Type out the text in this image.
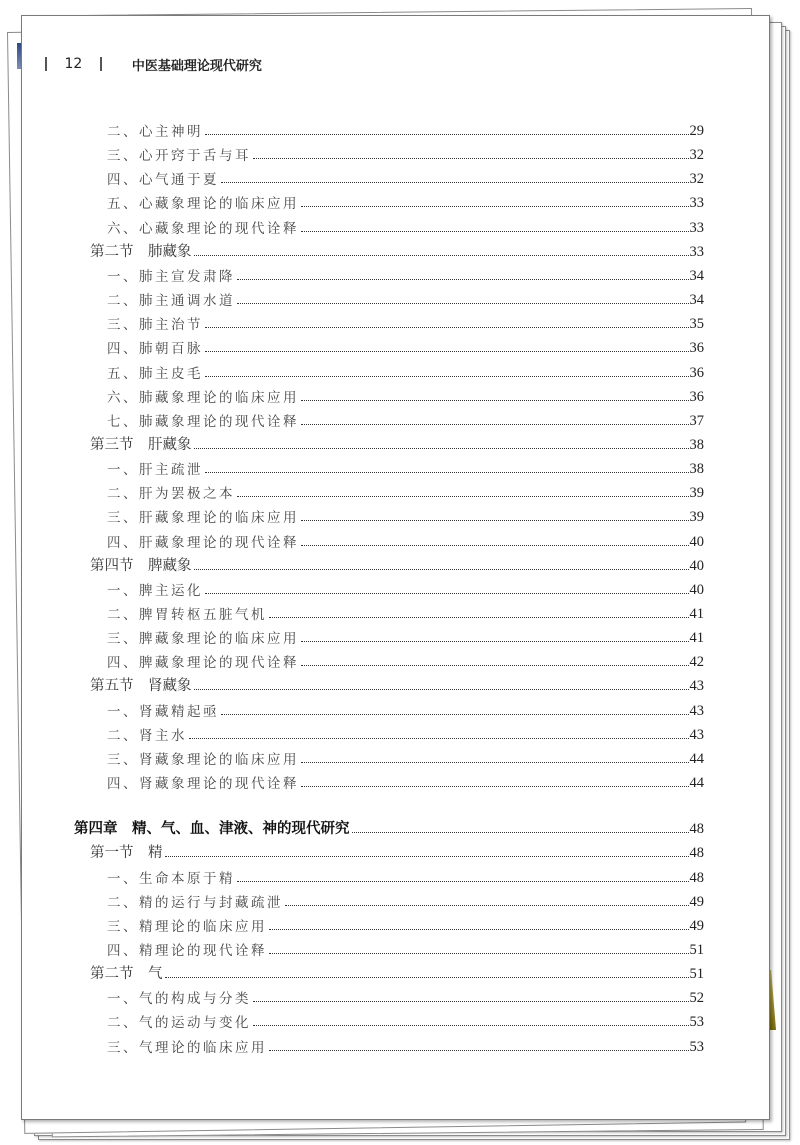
12	中医基础理论现代研究
二、心主神明	29
三、心开窍于舌与耳	32
四、心气通于夏	32
五、心藏象理论的临床应用	33
六、心藏象理论的现代诠释	33
第二节　肺藏象	33
一、肺主宣发肃降	34
二、肺主通调水道	34
三、肺主治节	35
四、肺朝百脉	36
五、肺主皮毛	36
六、肺藏象理论的临床应用	36
七、肺藏象理论的现代诠释	37
第三节　肝藏象	38
一、肝主疏泄	38
二、肝为罢极之本	39
三、肝藏象理论的临床应用	39
四、肝藏象理论的现代诠释	40
第四节　脾藏象	40
一、脾主运化	40
二、脾胃转枢五脏气机	41
三、脾藏象理论的临床应用	41
四、脾藏象理论的现代诠释	42
第五节　肾藏象	43
一、肾藏精起亟	43
二、肾主水	43
三、肾藏象理论的临床应用	44
四、肾藏象理论的现代诠释	44
第四章　精、气、血、津液、神的现代研究	48
第一节　精	48
一、生命本原于精	48
二、精的运行与封藏疏泄	49
三、精理论的临床应用	49
四、精理论的现代诠释	51
第二节　气	51
一、气的构成与分类	52
二、气的运动与变化	53
三、气理论的临床应用	53
